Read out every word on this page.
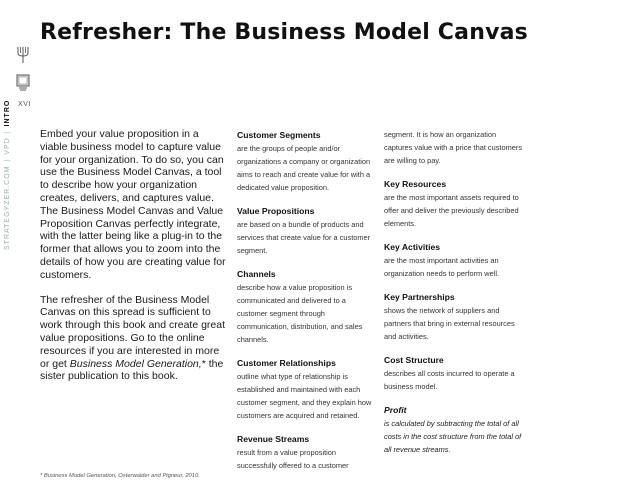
Refresher: The Business Model Canvas
XVI
STRATEGYZER.COM|VPD|INTRO

Embed your value proposition in a viable business model to capture value for your organization. To do so, you can use the Business Model Canvas, a tool to describe how your organization creates, delivers, and captures value. The Business Model Canvas and Value Proposition Canvas perfectly integrate, with the latter being like a plug-in to the former that allows you to zoom into the details of how you are creating value for customers.

The refresher of the Business Model Canvas on this spread is sufficient to work through this book and create great value propositions. Go to the online resources if you are interested in more or get Business Model Generation,* the sister publication to this book.

Customer Segments

are the groups of people and/or organizations a company or organization aims to reach and create value for with a dedicated value proposition.

Value Propositions

are based on a bundle of products and services that create value for a customer segment.

Channels

describe how a value proposition is communicated and delivered to a customer segment through communication, distribution, and sales channels.

Customer Relationships

outline what type of relationship is established and maintained with each customer segment, and they explain how customers are acquired and retained.

Revenue Streams

result from a value proposition successfully offered to a customer

segment. It is how an organization captures value with a price that customers are willing to pay.

Key Resources

are the most important assets required to offer and deliver the previously described elements.

Key Activities

are the most important activities an organization needs to perform well.

Key Partnerships

shows the network of suppliers and partners that bring in external resources and activities.

Cost Structure

describes all costs incurred to operate a business model.

Profit

is calculated by subtracting the total of all costs in the cost structure from the total of all revenue streams.

* Business Model Generation, Osterwalder and Pigneur, 2010.
